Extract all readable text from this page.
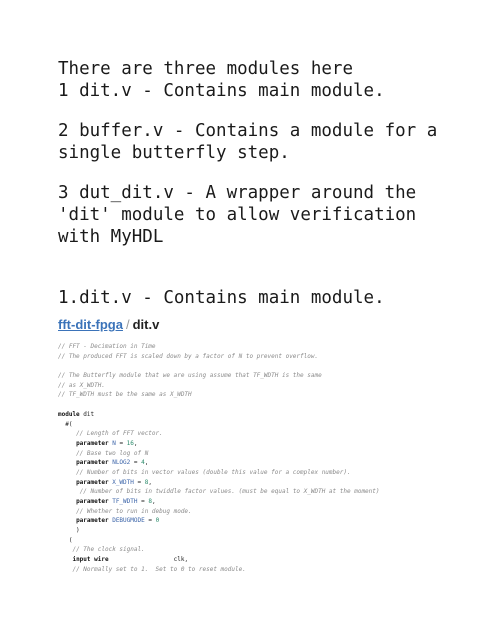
There are three modules here
1 dit.v - Contains main module.

2 buffer.v - Contains a module for a
single butterfly step.

3 dut_dit.v - A wrapper around the
'dit' module to allow verification
with MyHDL

1.dit.v - Contains main module.
fft-dit-fpga / dit.v
// FFT - Decimation in Time
// The produced FFT is scaled down by a factor of N to prevent overflow.
// The Butterfly module that we are using assume that TF_WDTH is the same
// as X_WDTH.
// TF_WDTH must be the same as X_WDTH
module dit
#(
// Length of FFT vector.
parameter N = 16,
// Base two log of N
parameter NLOG2 = 4,
// Number of bits in vector values (double this value for a complex number).
parameter X_WDTH = 8,
// Number of bits in twiddle factor values. (must be equal to X_WDTH at the moment)
parameter TF_WDTH = 8,
// Whether to run in debug mode.
parameter DEBUGMODE = 0
)
(
// The clock signal.
input wire                  clk,
// Normally set to 1.  Set to 0 to reset module.
